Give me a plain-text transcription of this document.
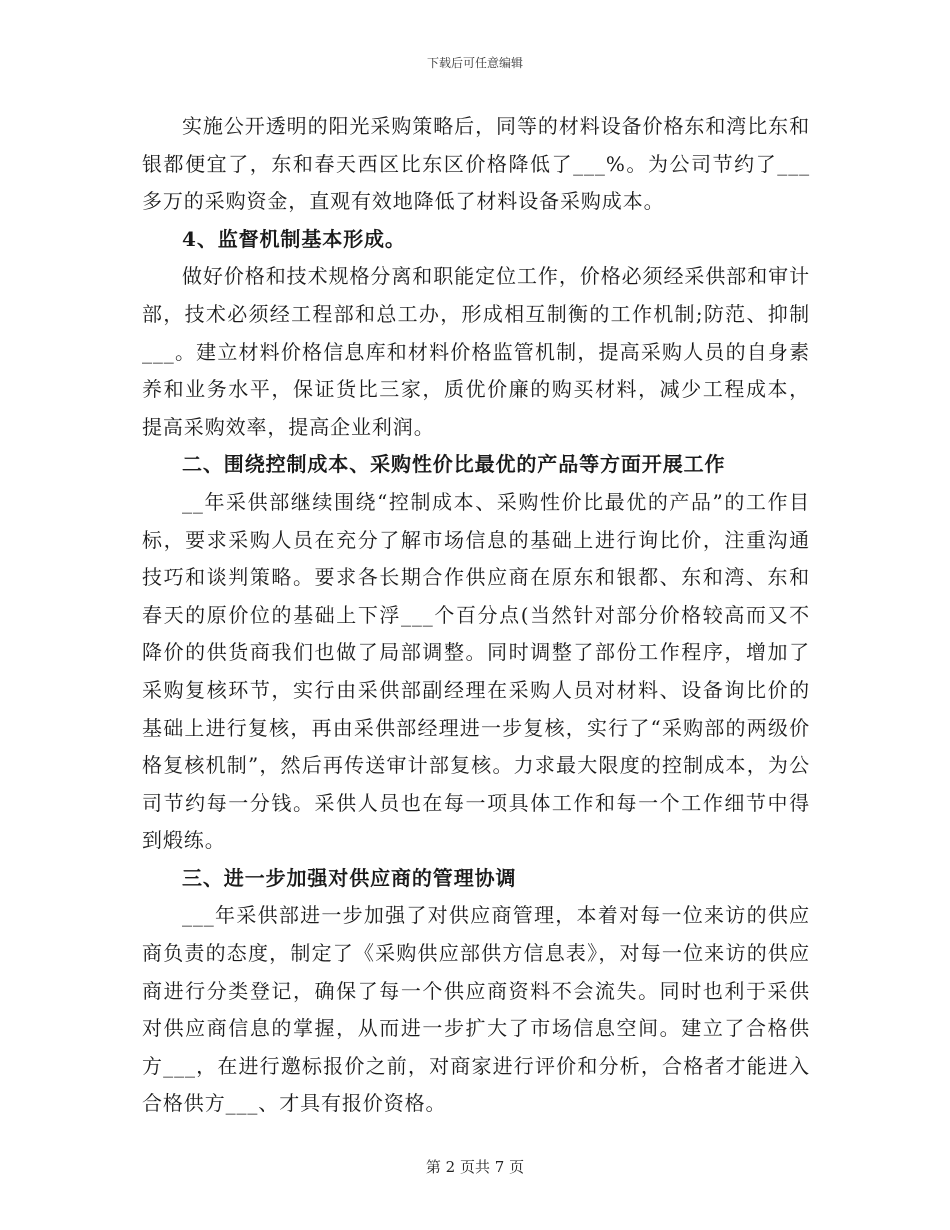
下载后可任意编辑

实施公开透明的阳光采购策略后，同等的材料设备价格东和湾比东和银都便宜了，东和春天西区比东区价格降低了___%。为公司节约了___多万的采购资金，直观有效地降低了材料设备采购成本。

4、监督机制基本形成。

做好价格和技术规格分离和职能定位工作，价格必须经采供部和审计部，技术必须经工程部和总工办，形成相互制衡的工作机制;防范、抑制___。建立材料价格信息库和材料价格监管机制，提高采购人员的自身素养和业务水平，保证货比三家，质优价廉的购买材料，减少工程成本，提高采购效率，提高企业利润。

二、围绕控制成本、采购性价比最优的产品等方面开展工作

__年采供部继续围绕“控制成本、采购性价比最优的产品”的工作目标，要求采购人员在充分了解市场信息的基础上进行询比价，注重沟通技巧和谈判策略。要求各长期合作供应商在原东和银都、东和湾、东和春天的原价位的基础上下浮___个百分点(当然针对部分价格较高而又不降价的供货商我们也做了局部调整。同时调整了部份工作程序，增加了采购复核环节，实行由采供部副经理在采购人员对材料、设备询比价的基础上进行复核，再由采供部经理进一步复核，实行了“采购部的两级价格复核机制”，然后再传送审计部复核。力求最大限度的控制成本，为公司节约每一分钱。采供人员也在每一项具体工作和每一个工作细节中得到煅练。

三、进一步加强对供应商的管理协调

___年采供部进一步加强了对供应商管理，本着对每一位来访的供应商负责的态度，制定了《采购供应部供方信息表》，对每一位来访的供应商进行分类登记，确保了每一个供应商资料不会流失。同时也利于采供对供应商信息的掌握，从而进一步扩大了市场信息空间。建立了合格供方___，在进行邀标报价之前，对商家进行评价和分析，合格者才能进入合格供方___、才具有报价资格。

第 2 页共 7 页
